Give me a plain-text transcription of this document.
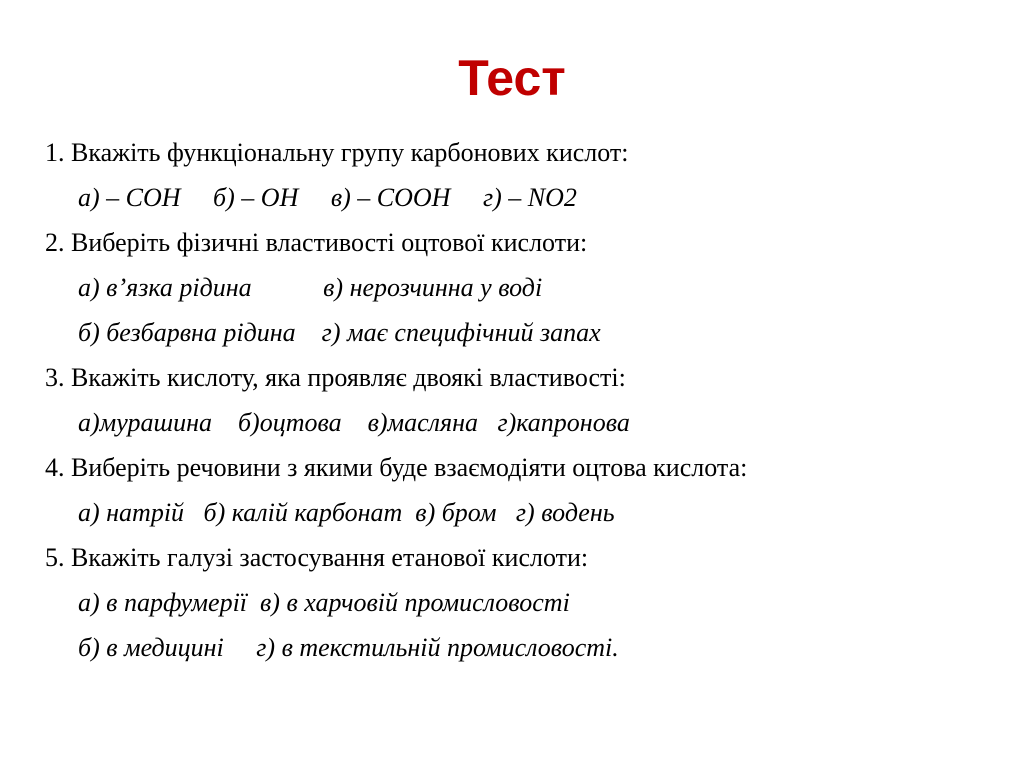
Тест
1. Вкажіть функціональну групу карбонових кислот:
а) – СОН     б) – ОН     в) – СООН     г) – NO2
2. Виберіть фізичні властивості оцтової кислоти:
а) в’язка рідина           в) нерозчинна у воді
б) безбарвна рідина    г) має специфічний запах
3. Вкажіть кислоту, яка проявляє двоякі властивості:
а)мурашина    б)оцтова    в)масляна   г)капронова
4. Виберіть речовини з якими буде взаємодіяти оцтова кислота:
а) натрій   б) калій карбонат  в) бром   г) водень
5. Вкажіть галузі застосування етанової кислоти:
а) в парфумерії  в) в харчовій промисловості
б) в медицині     г) в текстильній промисловості.
